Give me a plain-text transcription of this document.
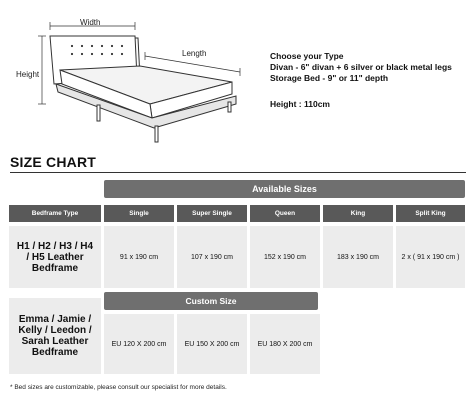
Width
Height
Length	Choose your Type
Divan - 6" divan + 6 silver or black metal legs
Storage Bed - 9" or 11" depth
Height : 110cm
SIZE CHART
Available Sizes
Bedframe Type	Single	Super Single	Queen	King	Split King
H1 / H2 / H3 / H4 / H5 Leather Bedframe
91 x 190 cm	107 x 190 cm	152 x 190 cm	183 x 190 cm	2 x ( 91 x 190 cm )
Emma / Jamie / Kelly / Leedon / Sarah Leather Bedframe
Custom Size
EU 120 X 200 cm	EU 150 X 200 cm	EU 180 X 200 cm
* Bed sizes are customizable, please consult our specialist for more details.
